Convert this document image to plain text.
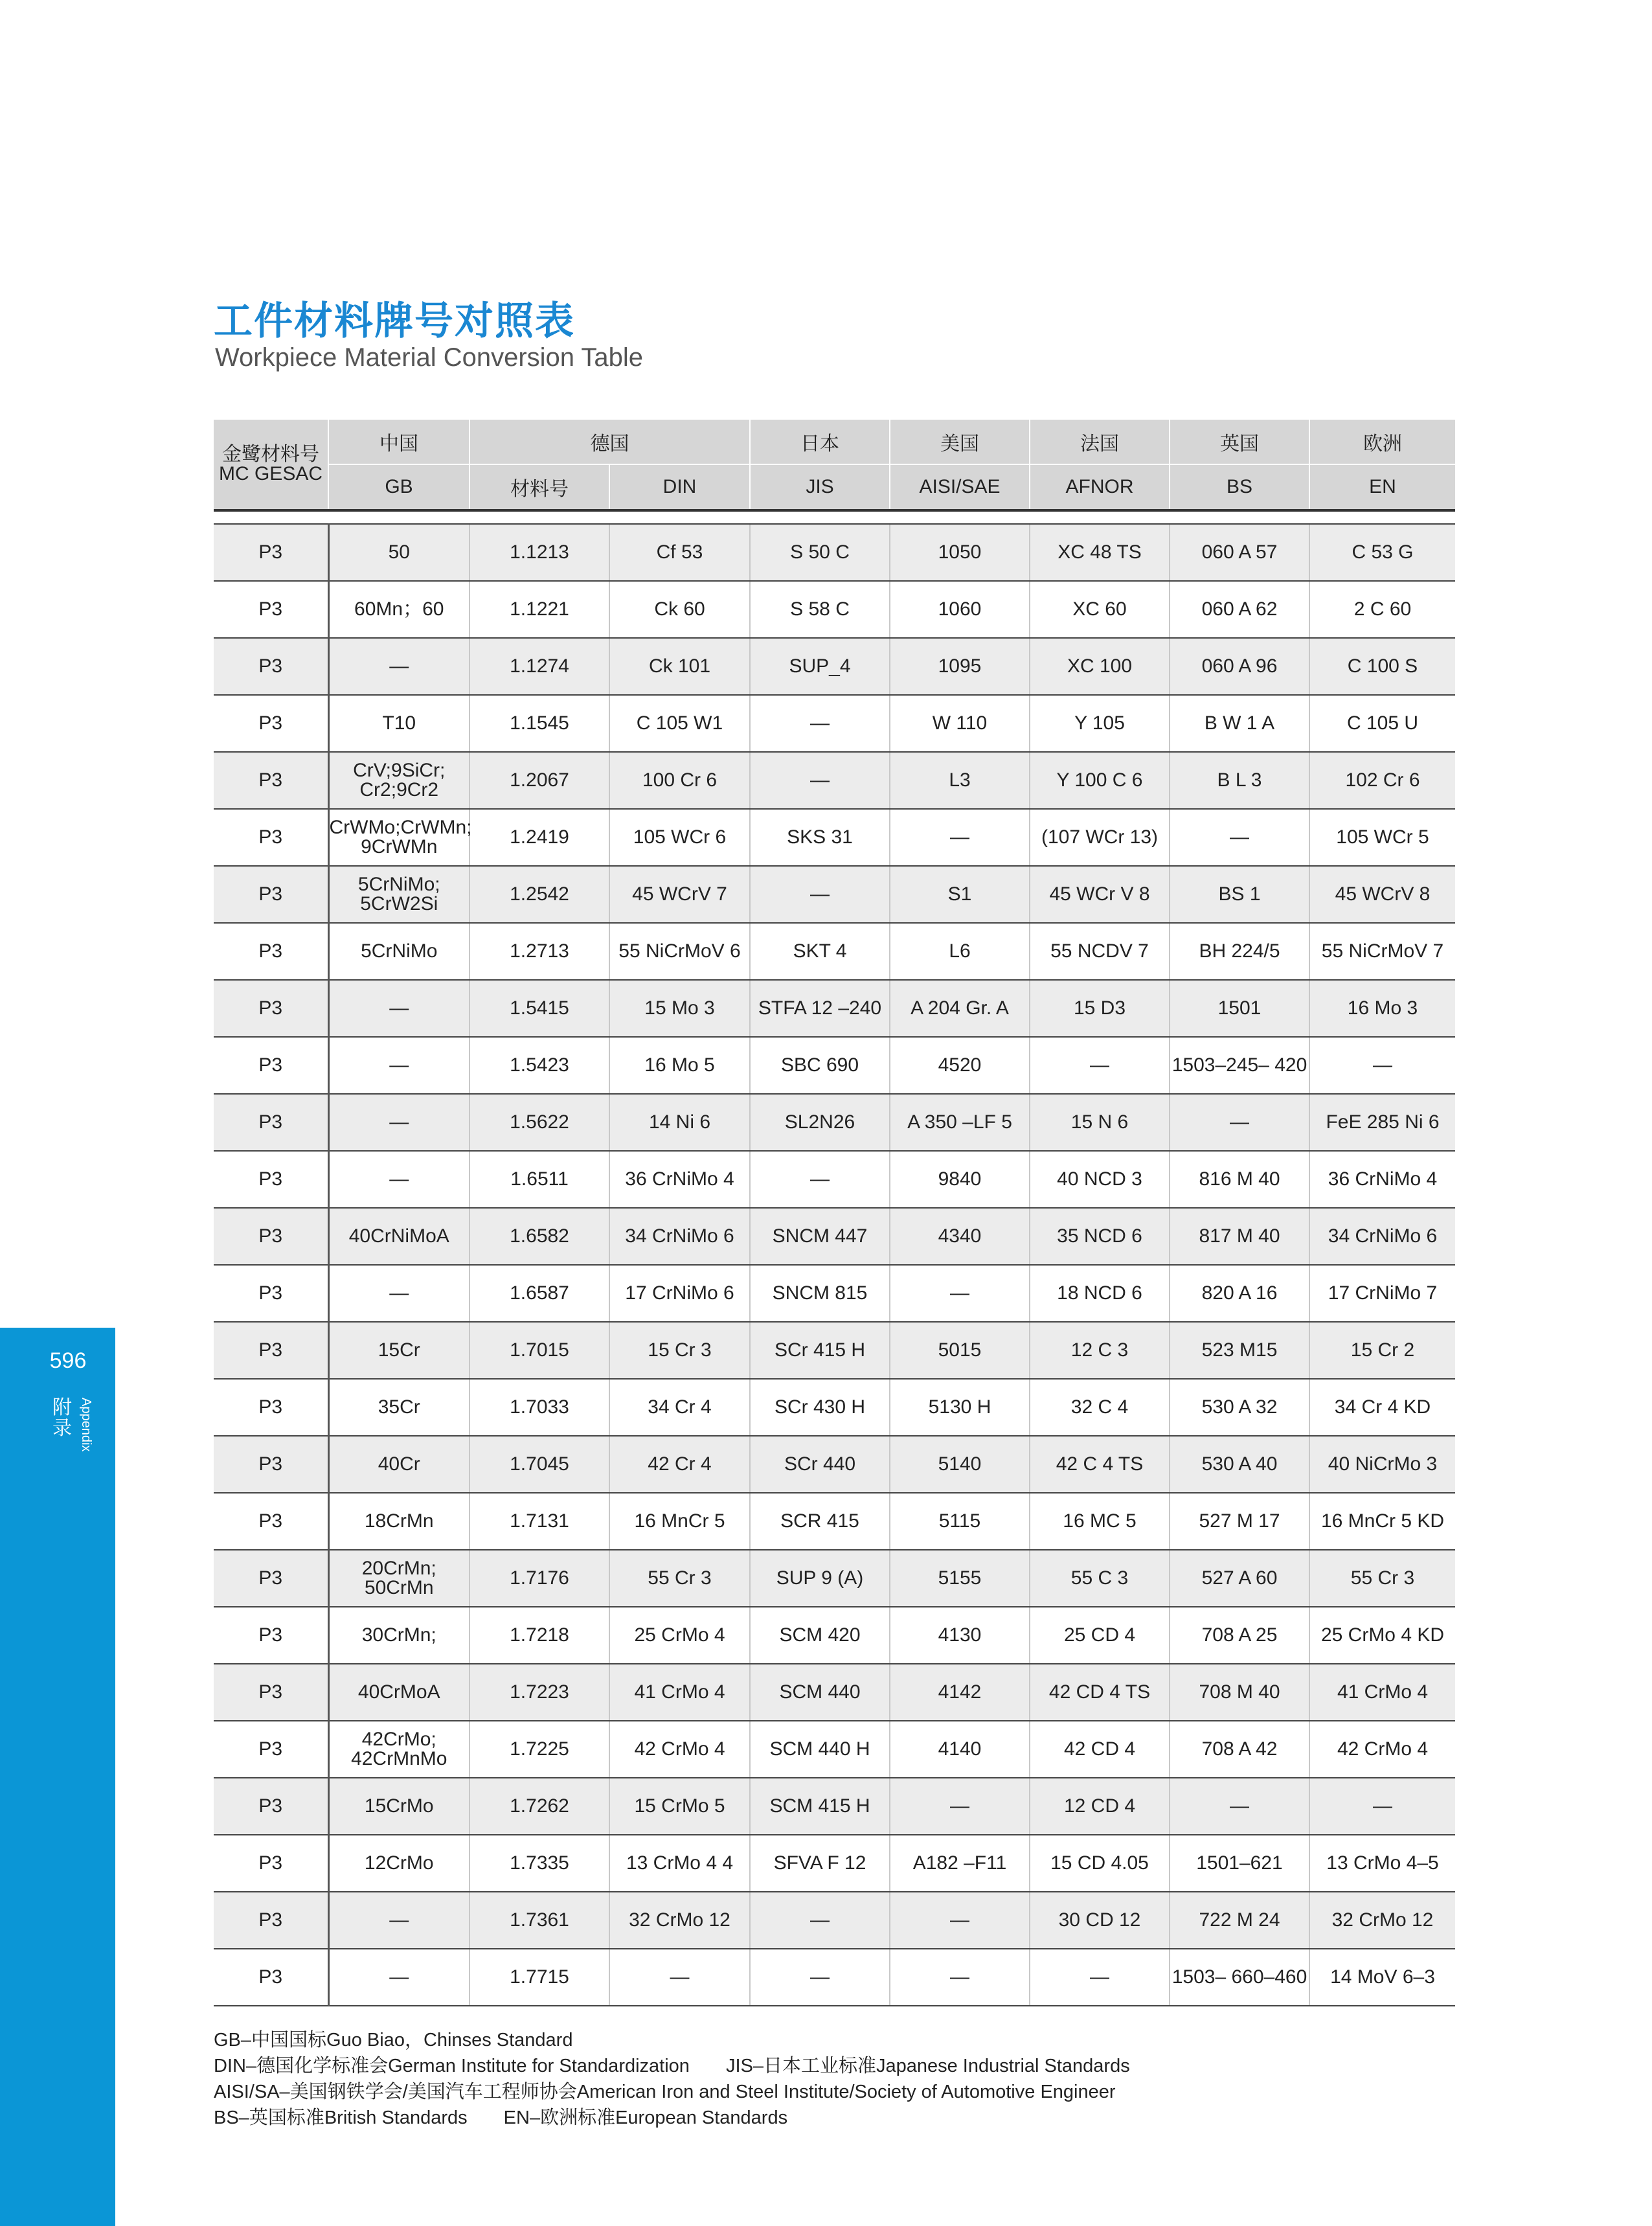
596
附录 Appendix
工件材料牌号对照表
Workpiece Material Conversion Table
金鹭材料号 MC GESAC	中国	德国		日本	美国	法国	英国	欧洲
	GB	材料号	DIN	JIS	AISI/SAE	AFNOR	BS	EN

P3	50	1.1213	Cf 53	S 50 C	1050	XC 48 TS	060 A 57	C 53 G
P3	60Mn；60	1.1221	Ck 60	S 58 C	1060	XC 60	060 A 62	2 C 60
P3	—	1.1274	Ck 101	SUP_4	1095	XC 100	060 A 96	C 100 S
P3	T10	1.1545	C 105 W1	—	W 110	Y 105	B W 1 A	C 105 U
P3	CrV;9SiCr; Cr2;9Cr2	1.2067	100 Cr 6	—	L3	Y 100 C 6	B L 3	102 Cr 6
P3	CrWMo;CrWMn; 9CrWMn	1.2419	105 WCr 6	SKS 31	—	(107 WCr 13)	—	105 WCr 5
P3	5CrNiMo; 5CrW2Si	1.2542	45 WCrV 7	—	S1	45 WCr V 8	BS 1	45 WCrV 8
P3	5CrNiMo	1.2713	55 NiCrMoV 6	SKT 4	L6	55 NCDV 7	BH 224/5	55 NiCrMoV 7
P3	—	1.5415	15 Mo 3	STFA 12 –240	A 204 Gr. A	15 D3	1501	16 Mo 3
P3	—	1.5423	16 Mo 5	SBC 690	4520	—	1503–245– 420	—
P3	—	1.5622	14 Ni 6	SL2N26	A 350 –LF 5	15 N 6	—	FeE 285 Ni 6
P3	—	1.6511	36 CrNiMo 4	—	9840	40 NCD 3	816 M 40	36 CrNiMo 4
P3	40CrNiMoA	1.6582	34 CrNiMo 6	SNCM 447	4340	35 NCD 6	817 M 40	34 CrNiMo 6
P3	—	1.6587	17 CrNiMo 6	SNCM 815	—	18 NCD 6	820 A 16	17 CrNiMo 7
P3	15Cr	1.7015	15 Cr 3	SCr 415 H	5015	12 C 3	523 M15	15 Cr 2
P3	35Cr	1.7033	34 Cr 4	SCr 430 H	5130 H	32 C 4	530 A 32	34 Cr 4 KD
P3	40Cr	1.7045	42 Cr 4	SCr 440	5140	42 C 4 TS	530 A 40	40 NiCrMo 3
P3	18CrMn	1.7131	16 MnCr 5	SCR 415	5115	16 MC 5	527 M 17	16 MnCr 5 KD
P3	20CrMn; 50CrMn	1.7176	55 Cr 3	SUP 9 (A)	5155	55 C 3	527 A 60	55 Cr 3
P3	30CrMn;	1.7218	25 CrMo 4	SCM 420	4130	25 CD 4	708 A 25	25 CrMo 4 KD
P3	40CrMoA	1.7223	41 CrMo 4	SCM 440	4142	42 CD 4 TS	708 M 40	41 CrMo 4
P3	42CrMo; 42CrMnMo	1.7225	42 CrMo 4	SCM 440 H	4140	42 CD 4	708 A 42	42 CrMo 4
P3	15CrMo	1.7262	15 CrMo 5	SCM 415 H	—	12 CD 4	—	—
P3	12CrMo	1.7335	13 CrMo 4 4	SFVA F 12	A182 –F11	15 CD 4.05	1501–621	13 CrMo 4–5
P3	—	1.7361	32 CrMo 12	—	—	30 CD 12	722 M 24	32 CrMo 12
P3	—	1.7715	—	—	—	—	1503– 660–460	14 MoV 6–3
GB–中国国标Guo Biao，Chinses Standard
DIN–德国化学标准会German Institute for Standardization JIS–日本工业标准Japanese Industrial Standards
AISI/SA–美国钢铁学会/美国汽车工程师协会American Iron and Steel Institute/Society of Automotive Engineer
BS–英国标准British Standards EN–欧洲标准European Standards
